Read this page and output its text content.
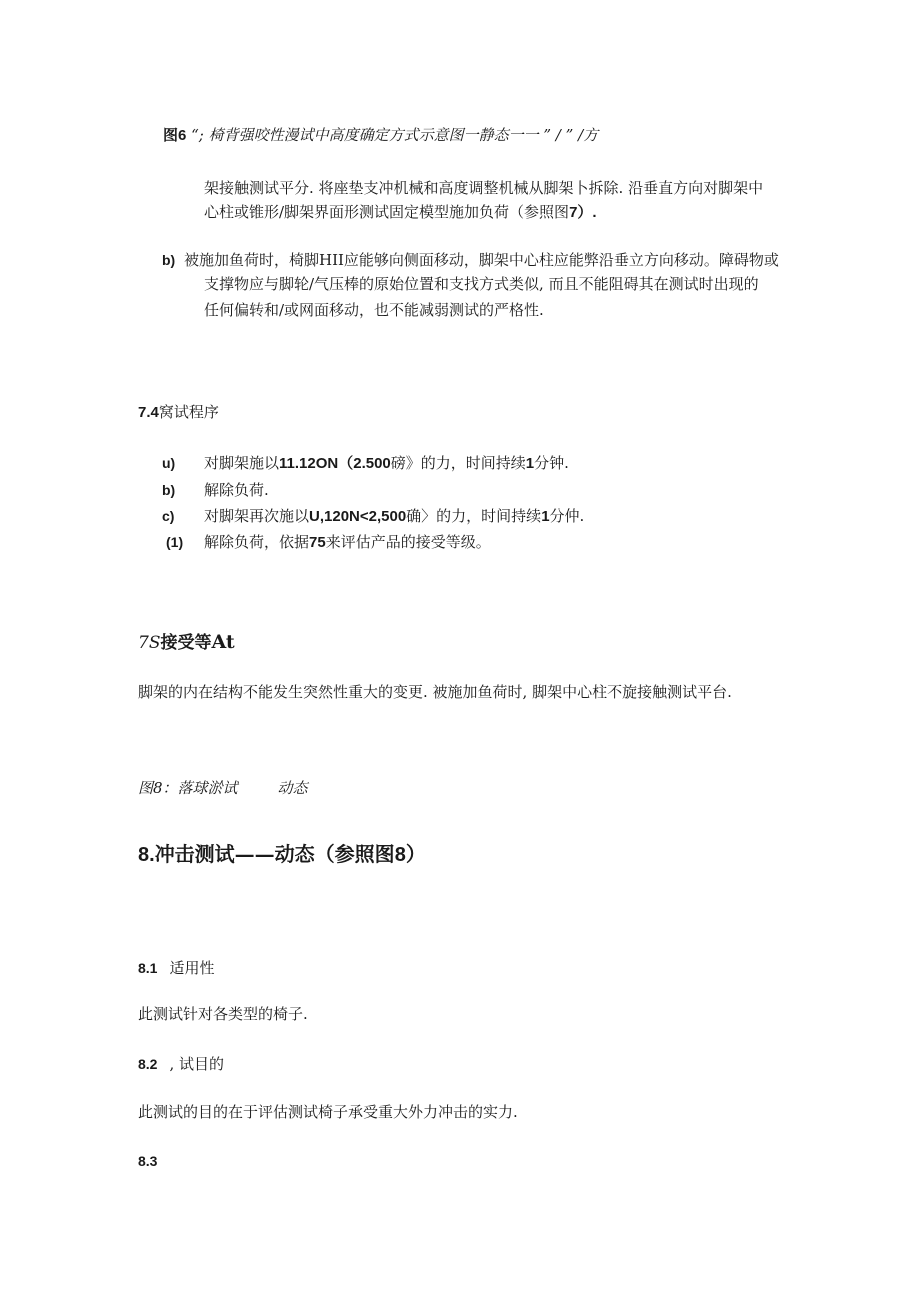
图6 “; 椅背强咬性漫试中高度确定方式示意图一静态一一 ” / ” /方
架接触测试平分. 将座垫支冲机械和高度调整机械从脚架卜拆除. 沿垂直方向对脚架中
心柱或锥形/脚架界面形测试固定模型施加负荷（参照图7）.
b) 被施加鱼荷时，椅脚HII应能够向侧面移动，脚架中心柱应能弊沿垂立方向移动。障碍物或
支撑物应与脚轮/气压棒的原始位置和支找方式类似, 而且不能阻碍其在测试时出现的
任何偏转和/或网面移动，也不能减弱测试的严格性.
7.4窝试程序
u) 对脚架施以11.12ON（2.500磅》的力，时间持续1分钟.
b) 解除负荷.
c) 对脚架再次施以U,120N<2,500确〉的力，时间持续1分仲.
(1) 解除负荷，依据75来评估产品的接受等级。
7S接受等At
脚架的内在结构不能发生突然性重大的变更. 被施加鱼荷时, 脚架中心柱不旋接触测试平台.
图8：落球淤试	动态
8.冲击测试——动态（参照图8）
8.1 适用性
此测试针对各类型的椅子.
8.2 , 试目的
此测试的目的在于评估测试椅子承受重大外力冲击的实力.
8.3
